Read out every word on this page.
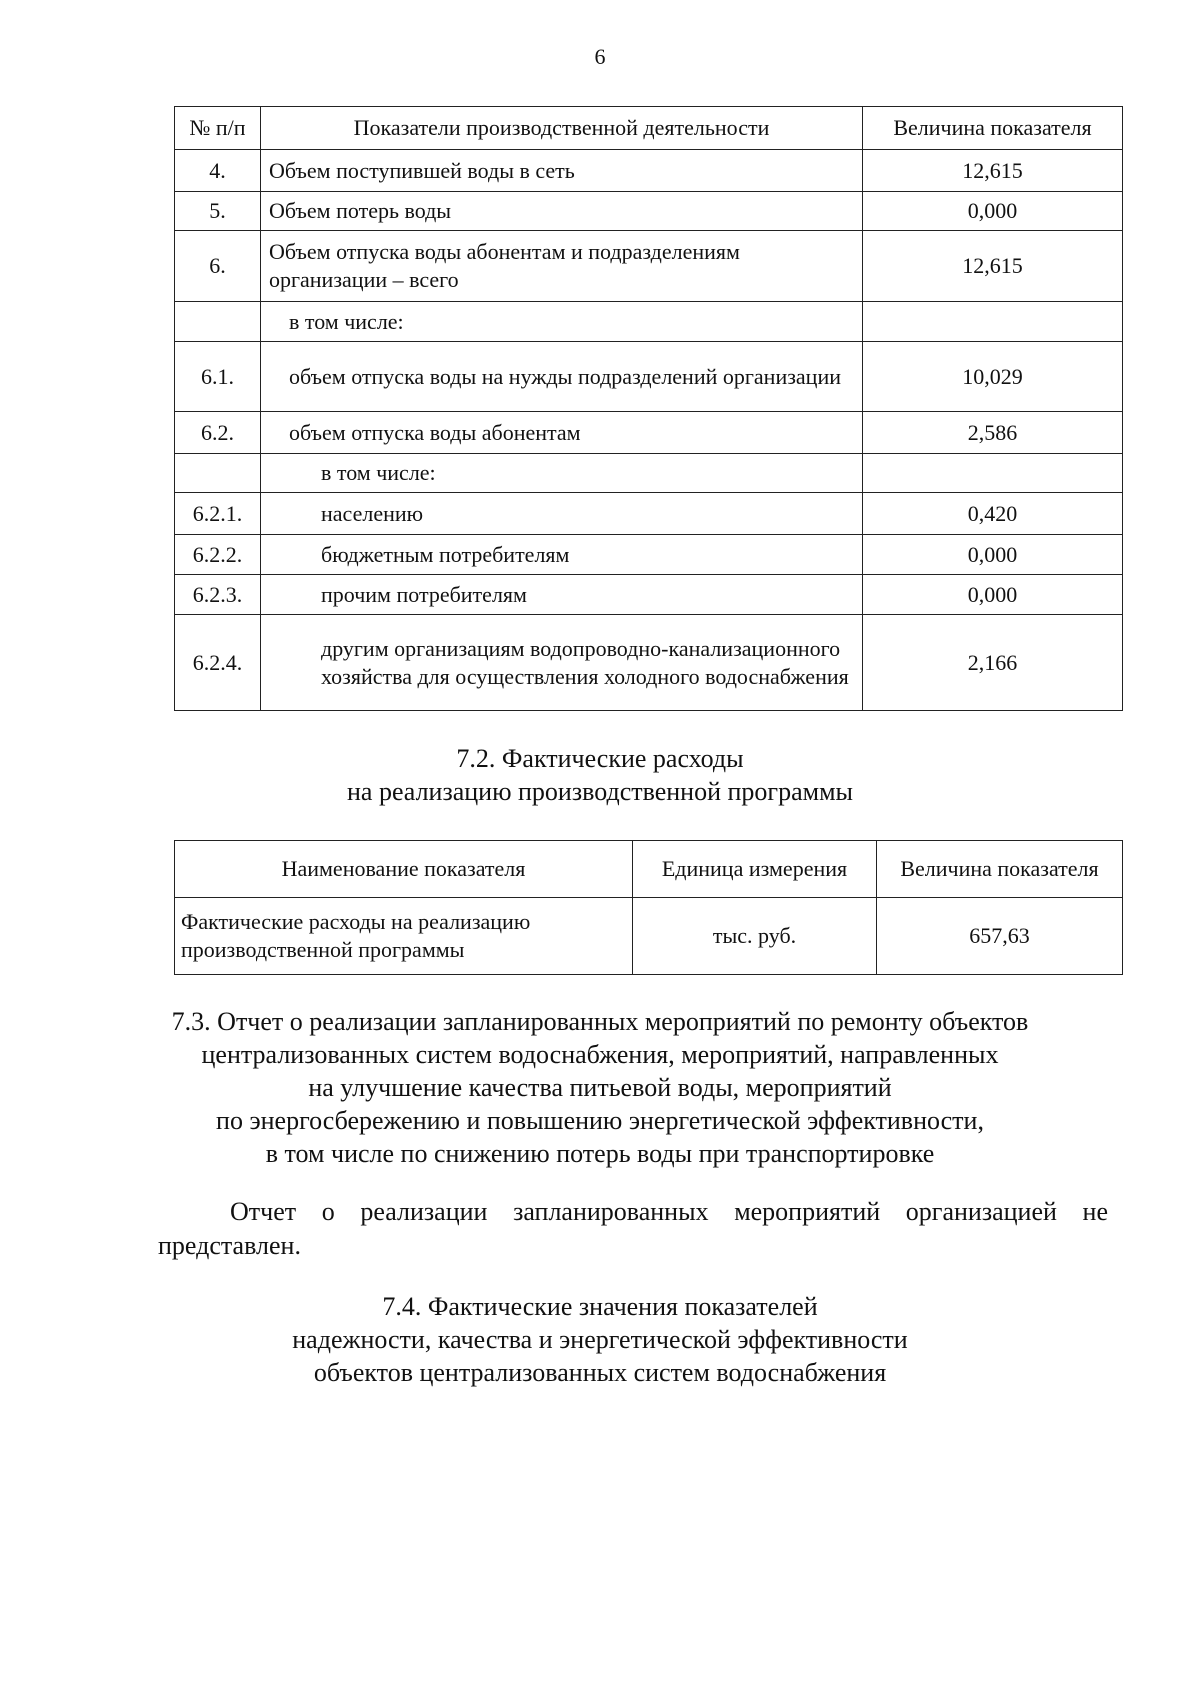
6
№ п/п	Показатели производственной деятельности	Величина показателя
4.	Объем поступившей воды в сеть	12,615
5.	Объем потерь воды	0,000
6.	Объем отпуска воды абонентам и подразделениям организации – всего	12,615
	в том числе:	
6.1.	объем отпуска воды на нужды подразделений организации	10,029
6.2.	объем отпуска воды абонентам	2,586
	в том числе:	
6.2.1.	населению	0,420
6.2.2.	бюджетным потребителям	0,000
6.2.3.	прочим потребителям	0,000
6.2.4.	другим организациям водопроводно-канализационного хозяйства для осуществления холодного водоснабжения	2,166
7.2. Фактические расходы
на реализацию производственной программы
Наименование показателя	Единица измерения	Величина показателя
Фактические расходы на реализацию производственной программы	тыс. руб.	657,63
7.3. Отчет о реализации запланированных мероприятий по ремонту объектов
централизованных систем водоснабжения, мероприятий, направленных
на улучшение качества питьевой воды, мероприятий
по энергосбережению и повышению энергетической эффективности,
в том числе по снижению потерь воды при транспортировке
Отчет о реализации запланированных мероприятий организацией не представлен.
7.4. Фактические значения показателей
надежности, качества и энергетической эффективности
объектов централизованных систем водоснабжения
